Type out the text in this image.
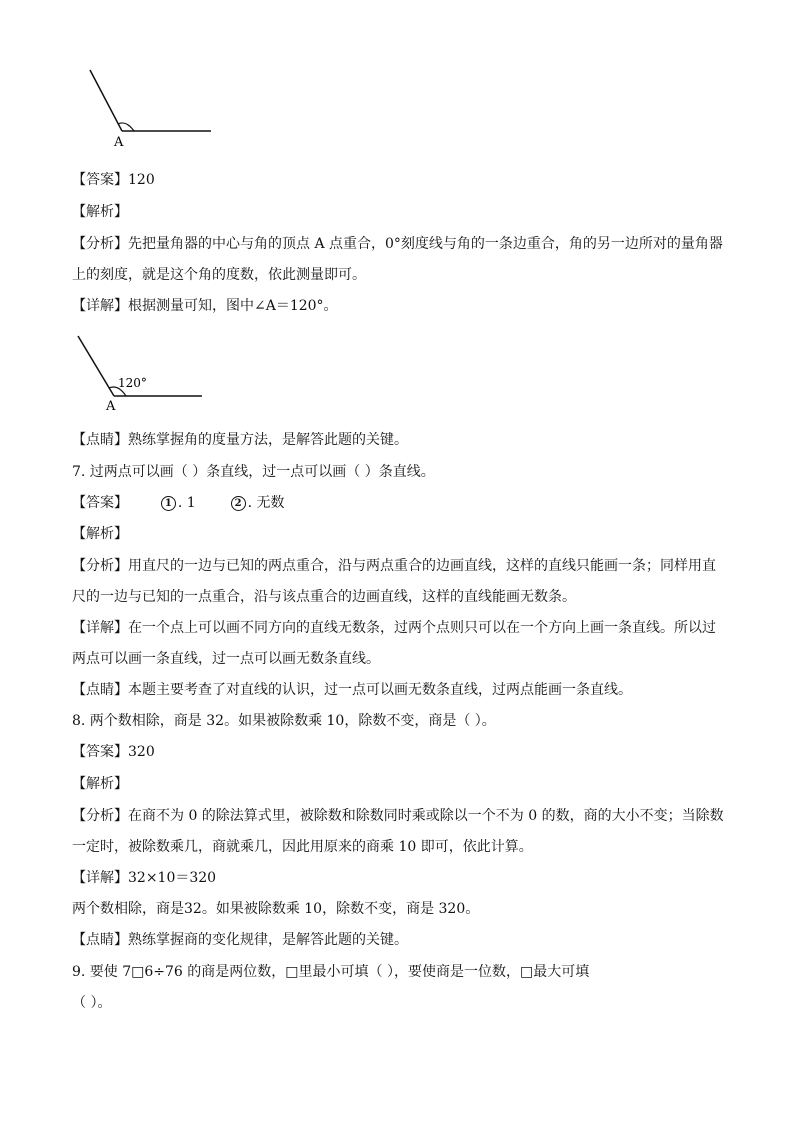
A
【答案】120
【解析】
【分析】先把量角器的中心与角的顶点 A 点重合，0°刻度线与角的一条边重合，角的另一边所对的量角器
上的刻度，就是这个角的度数，依此测量即可。
【详解】根据测量可知，图中∠A＝120°。
120°
A
【点睛】熟练掌握角的度量方法，是解答此题的关键。
7. 过两点可以画（ ）条直线，过一点可以画（ ）条直线。
【答案】	1 . 1	2 . 无数
【解析】
【分析】用直尺的一边与已知的两点重合，沿与两点重合的边画直线，这样的直线只能画一条；同样用直
尺的一边与已知的一点重合，沿与该点重合的边画直线，这样的直线能画无数条。
【详解】在一个点上可以画不同方向的直线无数条，过两个点则只可以在一个方向上画一条直线。所以过
两点可以画一条直线，过一点可以画无数条直线。
【点睛】本题主要考查了对直线的认识，过一点可以画无数条直线，过两点能画一条直线。
8. 两个数相除，商是 32。如果被除数乘 10，除数不变，商是（ ）。
【答案】320
【解析】
【分析】在商不为 0 的除法算式里，被除数和除数同时乘或除以一个不为 0 的数，商的大小不变；当除数
一定时，被除数乘几，商就乘几，因此用原来的商乘 10 即可，依此计算。
【详解】32×10＝320
两个数相除，商是32。如果被除数乘 10，除数不变，商是 320。
【点睛】熟练掌握商的变化规律，是解答此题的关键。
9. 要使 7□6÷76 的商是两位数，□里最小可填（ ），要使商是一位数，□最大可填
（ ）。
